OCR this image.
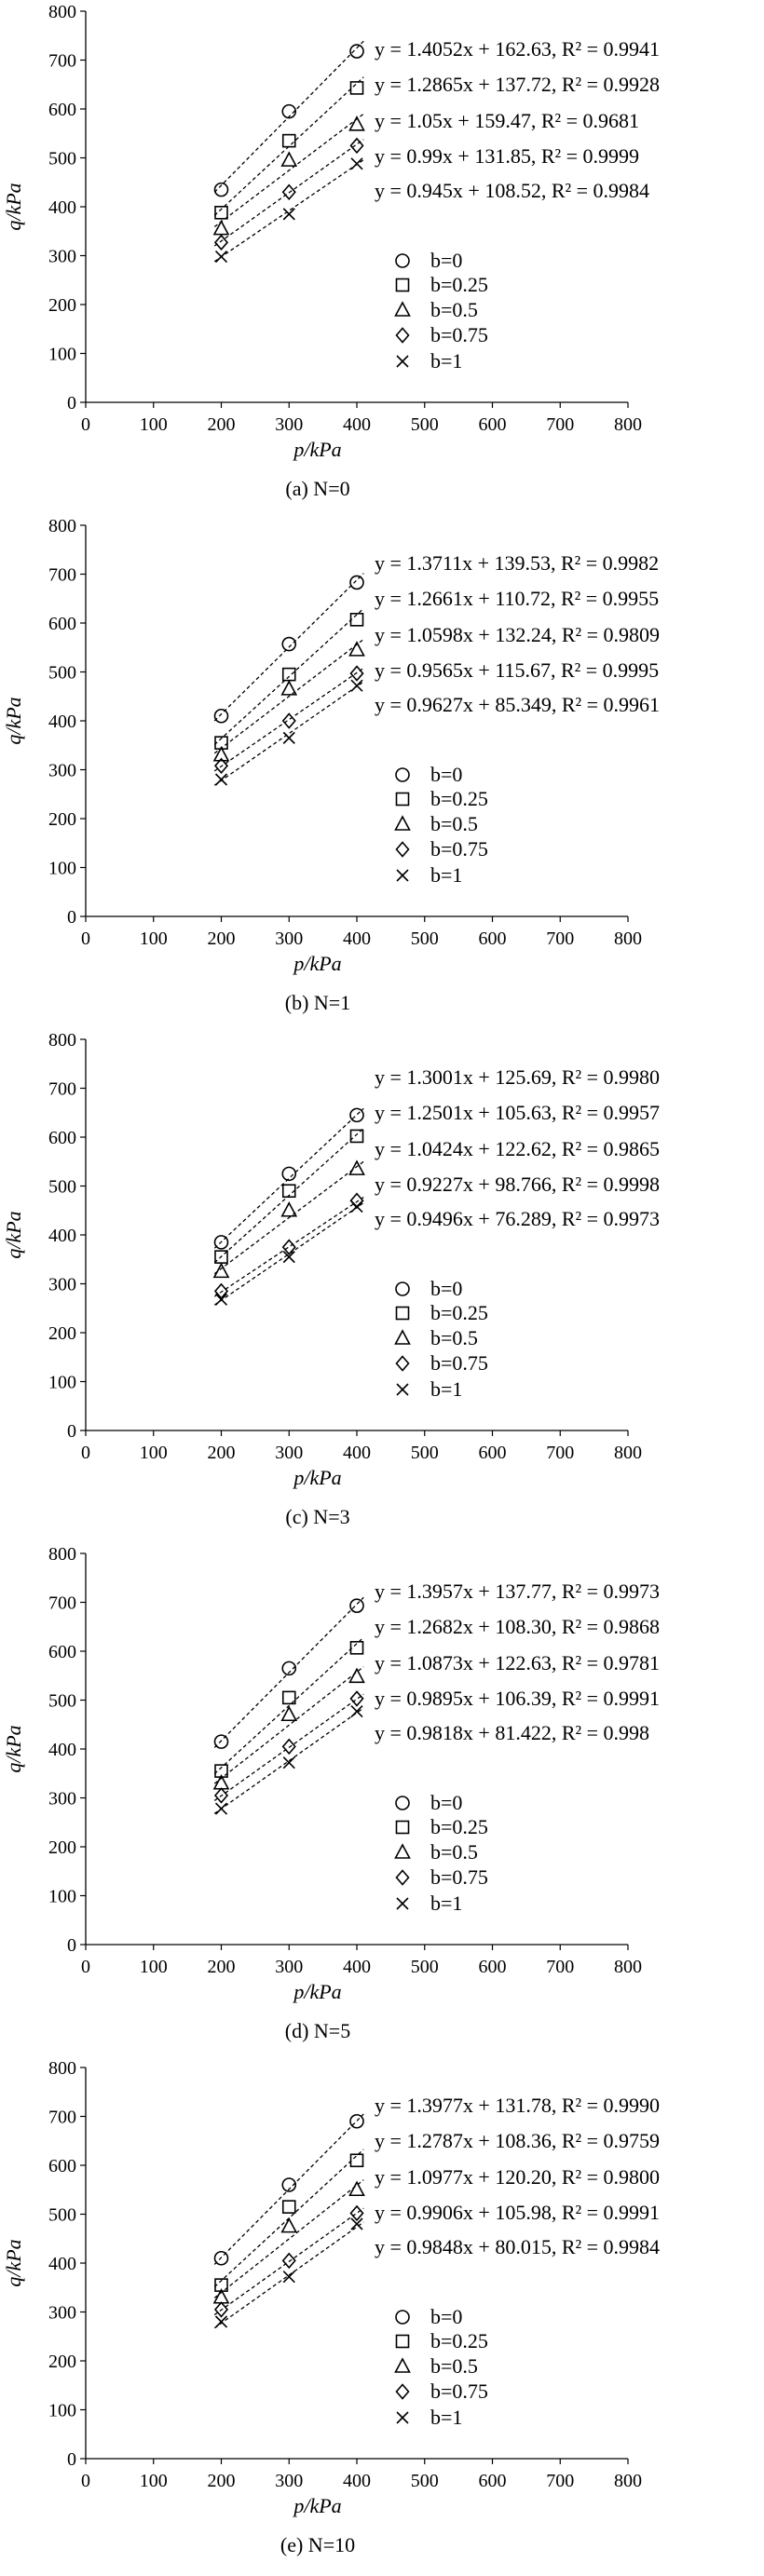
0	100 200 300 400 500 600 700 800
0
100
200
300
400
500
600
700
800
p/kPa
q/kPa
(a) N=0
y = 1.4052x + 162.63, R² = 0.9941
b=0
y = 1.2865x + 137.72, R² = 0.9928
b=0.25
y = 1.05x + 159.47, R² = 0.9681
b=0.5
y = 0.99x + 131.85, R² = 0.9999
b=0.75
y = 0.945x + 108.52, R² = 0.9984
b=1
0	100 200 300 400 500 600 700 800
0
100
200
300
400
500
600
700
800
p/kPa
q/kPa
(b) N=1
y = 1.3711x + 139.53, R² = 0.9982
b=0
y = 1.2661x + 110.72, R² = 0.9955
b=0.25
y = 1.0598x + 132.24, R² = 0.9809
b=0.5
y = 0.9565x + 115.67, R² = 0.9995
b=0.75
y = 0.9627x + 85.349, R² = 0.9961
b=1
0	100 200 300 400 500 600 700 800
0
100
200
300
400
500
600
700
800
p/kPa
q/kPa
(c) N=3
y = 1.3001x + 125.69, R² = 0.9980
b=0
y = 1.2501x + 105.63, R² = 0.9957
b=0.25
y = 1.0424x + 122.62, R² = 0.9865
b=0.5
y = 0.9227x + 98.766, R² = 0.9998
b=0.75
y = 0.9496x + 76.289, R² = 0.9973
b=1
0	100 200 300 400 500 600 700 800
0
100
200
300
400
500
600
700
800
p/kPa
q/kPa
(d) N=5
y = 1.3957x + 137.77, R² = 0.9973
b=0
y = 1.2682x + 108.30, R² = 0.9868
b=0.25
y = 1.0873x + 122.63, R² = 0.9781
b=0.5
y = 0.9895x + 106.39, R² = 0.9991
b=0.75
y = 0.9818x + 81.422, R² = 0.998
b=1
0	100 200 300 400 500 600 700 800
0
100
200
300
400
500
600
700
800
p/kPa
q/kPa
(e) N=10
y = 1.3977x + 131.78, R² = 0.9990
b=0
y = 1.2787x + 108.36, R² = 0.9759
b=0.25
y = 1.0977x + 120.20, R² = 0.9800
b=0.5
y = 0.9906x + 105.98, R² = 0.9991
b=0.75
y = 0.9848x + 80.015, R² = 0.9984
b=1
